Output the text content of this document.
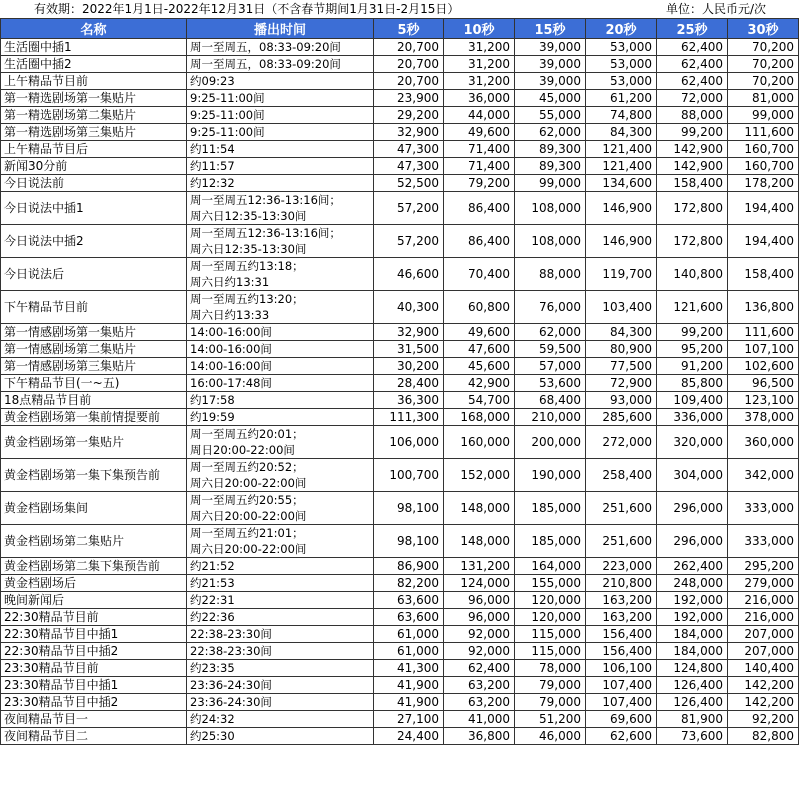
有效期：2022年1月1日-2022年12月31日（不含春节期间1月31日-2月15日）	单位：人民币元/次
名称	播出时间	5秒	10秒	15秒	20秒	25秒	30秒
生活圈中插1	周一至周五，08:33-09:20间	20,700	31,200	39,000	53,000	62,400	70,200
生活圈中插2	周一至周五，08:33-09:20间	20,700	31,200	39,000	53,000	62,400	70,200
上午精品节目前	约09:23	20,700	31,200	39,000	53,000	62,400	70,200
第一精选剧场第一集贴片	9:25-11:00间	23,900	36,000	45,000	61,200	72,000	81,000
第一精选剧场第二集贴片	9:25-11:00间	29,200	44,000	55,000	74,800	88,000	99,000
第一精选剧场第三集贴片	9:25-11:00间	32,900	49,600	62,000	84,300	99,200	111,600
上午精品节目后	约11:54	47,300	71,400	89,300	121,400	142,900	160,700
新闻30分前	约11:57	47,300	71,400	89,300	121,400	142,900	160,700
今日说法前	约12:32	52,500	79,200	99,000	134,600	158,400	178,200
今日说法中插1	周一至周五12:36-13:16间；
周六日12:35-13:30间	57,200	86,400	108,000	146,900	172,800	194,400
今日说法中插2	周一至周五12:36-13:16间；
周六日12:35-13:30间	57,200	86,400	108,000	146,900	172,800	194,400
今日说法后	周一至周五约13:18；
周六日约13:31	46,600	70,400	88,000	119,700	140,800	158,400
下午精品节目前	周一至周五约13:20；
周六日约13:33	40,300	60,800	76,000	103,400	121,600	136,800
第一情感剧场第一集贴片	14:00-16:00间	32,900	49,600	62,000	84,300	99,200	111,600
第一情感剧场第二集贴片	14:00-16:00间	31,500	47,600	59,500	80,900	95,200	107,100
第一情感剧场第三集贴片	14:00-16:00间	30,200	45,600	57,000	77,500	91,200	102,600
下午精品节目(一~五)	16:00-17:48间	28,400	42,900	53,600	72,900	85,800	96,500
18点精品节目前	约17:58	36,300	54,700	68,400	93,000	109,400	123,100
黄金档剧场第一集前情提要前	约19:59	111,300	168,000	210,000	285,600	336,000	378,000
黄金档剧场第一集贴片	周一至周五约20:01；
周日20:00-22:00间	106,000	160,000	200,000	272,000	320,000	360,000
黄金档剧场第一集下集预告前	周一至周五约20:52；
周六日20:00-22:00间	100,700	152,000	190,000	258,400	304,000	342,000
黄金档剧场集间	周一至周五约20:55；
周六日20:00-22:00间	98,100	148,000	185,000	251,600	296,000	333,000
黄金档剧场第二集贴片	周一至周五约21:01；
周六日20:00-22:00间	98,100	148,000	185,000	251,600	296,000	333,000
黄金档剧场第二集下集预告前	约21:52	86,900	131,200	164,000	223,000	262,400	295,200
黄金档剧场后	约21:53	82,200	124,000	155,000	210,800	248,000	279,000
晚间新闻后	约22:31	63,600	96,000	120,000	163,200	192,000	216,000
22:30精品节目前	约22:36	63,600	96,000	120,000	163,200	192,000	216,000
22:30精品节目中插1	22:38-23:30间	61,000	92,000	115,000	156,400	184,000	207,000
22:30精品节目中插2	22:38-23:30间	61,000	92,000	115,000	156,400	184,000	207,000
23:30精品节目前	约23:35	41,300	62,400	78,000	106,100	124,800	140,400
23:30精品节目中插1	23:36-24:30间	41,900	63,200	79,000	107,400	126,400	142,200
23:30精品节目中插2	23:36-24:30间	41,900	63,200	79,000	107,400	126,400	142,200
夜间精品节目一	约24:32	27,100	41,000	51,200	69,600	81,900	92,200
夜间精品节目二	约25:30	24,400	36,800	46,000	62,600	73,600	82,800
